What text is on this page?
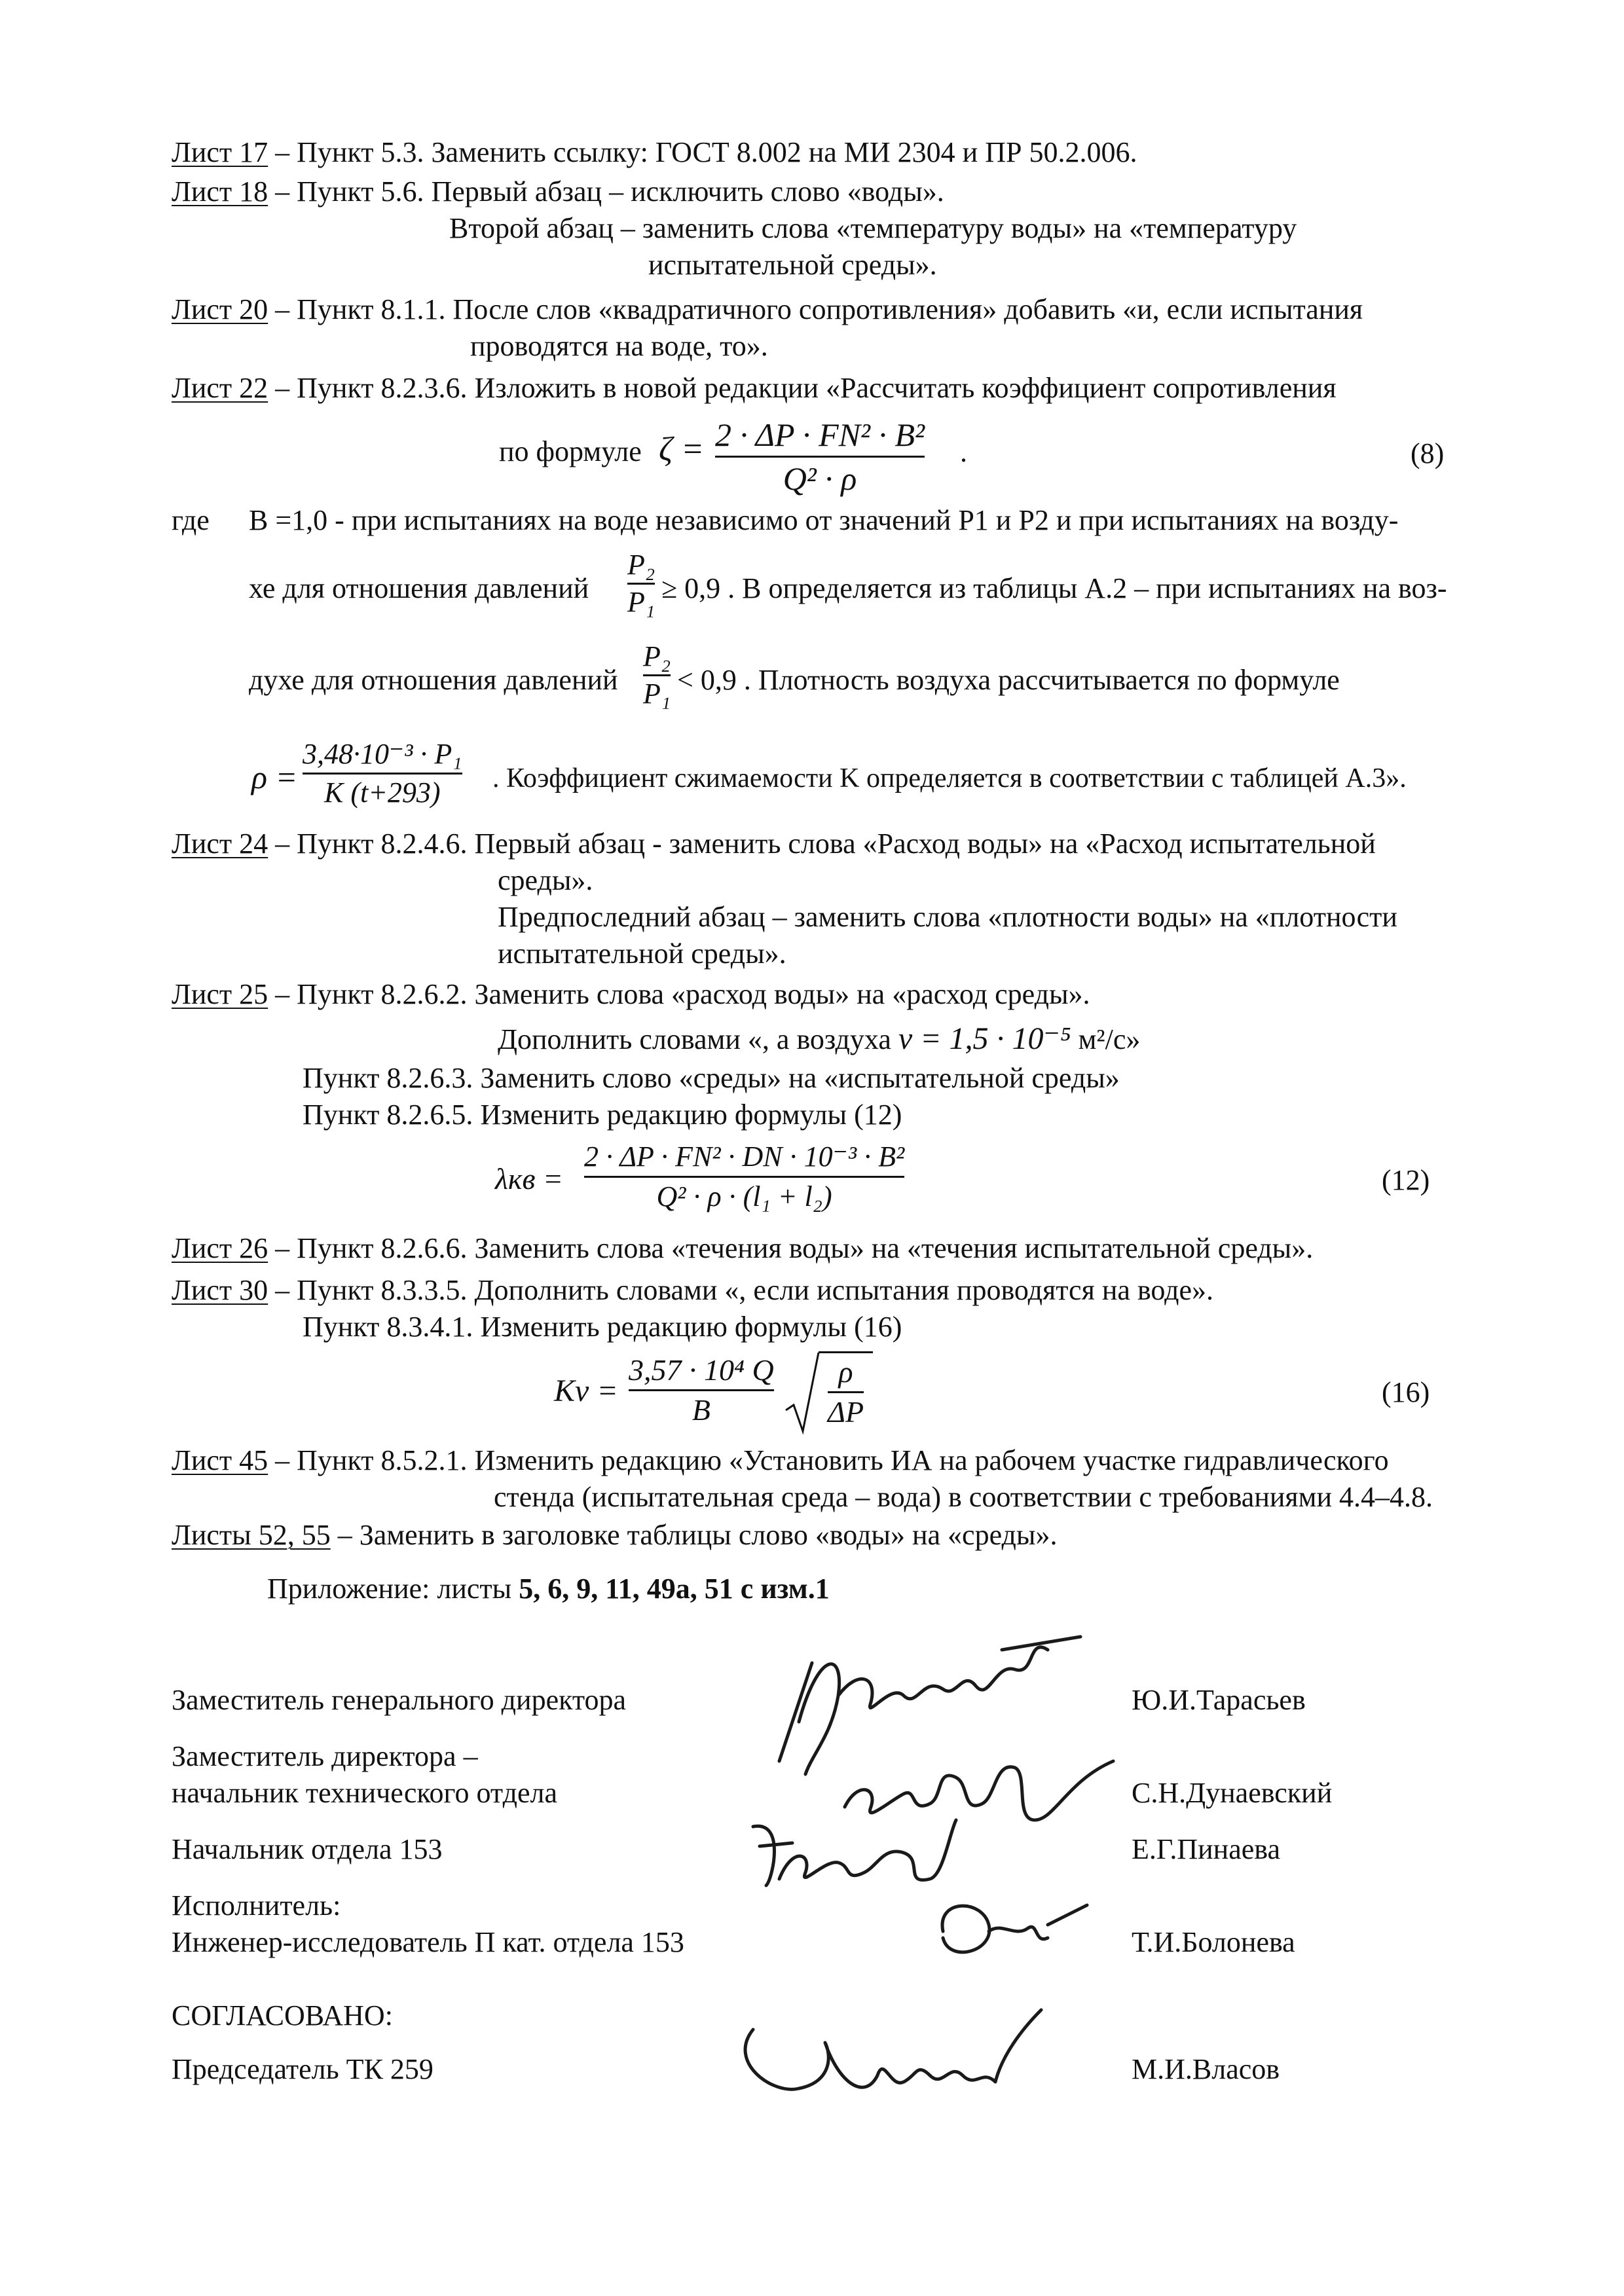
Лист 17 – Пункт 5.3. Заменить ссылку: ГОСТ 8.002 на МИ 2304 и ПР 50.2.006.
Лист 18 – Пункт 5.6. Первый абзац – исключить слово «воды».
Второй абзац – заменить слова «температуру воды» на «температуру
испытательной среды».
Лист 20 – Пункт 8.1.1. После слов «квадратичного сопротивления» добавить «и, если испытания
проводятся на воде, то».
Лист 22 – Пункт 8.2.3.6. Изложить в новой редакции «Рассчитать коэффициент сопротивления
по формуле ζ = 2 · ΔP · FN² · B²
Q² · ρ
.	(8)
где B =1,0 - при испытаниях на воде независимо от значений P1 и P2 и при испытаниях на возду-
хе для отношения давлений
P₂
P₁ ≥ 0,9 . B определяется из таблицы А.2 – при испытаниях на воз-
духе для отношения давлений
P₂
P₁ < 0,9 . Плотность воздуха рассчитывается по формуле
ρ =
3,48·10⁻³ · P₁
K (t+293) . Коэффициент сжимаемости K определяется в соответствии с таблицей А.3».
Лист 24 – Пункт 8.2.4.6. Первый абзац - заменить слова «Расход воды» на «Расход испытательной
среды».
Предпоследний абзац – заменить слова «плотности воды» на «плотности
испытательной среды».
Лист 25 – Пункт 8.2.6.2. Заменить слова «расход воды» на «расход среды».
Дополнить словами «, а воздуха ν = 1,5 · 10⁻⁵ м²/с»
Пункт 8.2.6.3. Заменить слово «среды» на «испытательной среды»
Пункт 8.2.6.5. Изменить редакцию формулы (12)
λкв =
2 · ΔP · FN² · DN · 10⁻³ · B²
Q² · ρ · (l₁ + l₂)
(12)
Лист 26 – Пункт 8.2.6.6. Заменить слова «течения воды» на «течения испытательной среды».
Лист 30 – Пункт 8.3.3.5. Дополнить словами «, если испытания проводятся на воде».
Пункт 8.3.4.1. Изменить редакцию формулы (16)
Kv =
3,57 · 10⁴ Q
B
ρ
ΔP
(16)
Лист 45 – Пункт 8.5.2.1. Изменить редакцию «Установить ИА на рабочем участке гидравлического
стенда (испытательная среда – вода) в соответствии с требованиями 4.4–4.8.
Листы 52, 55 – Заменить в заголовке таблицы слово «воды» на «среды».
Приложение: листы 5, 6, 9, 11, 49а, 51 с изм.1
Заместитель генерального директора	Ю.И.Тарасьев
Заместитель директора –
начальник технического отдела	С.Н.Дунаевский
Начальник отдела 153	Е.Г.Пинаева
Исполнитель:
Инженер-исследователь П кат. отдела 153	Т.И.Болонева
СОГЛАСОВАНО:
Председатель ТК 259	М.И.Власов
